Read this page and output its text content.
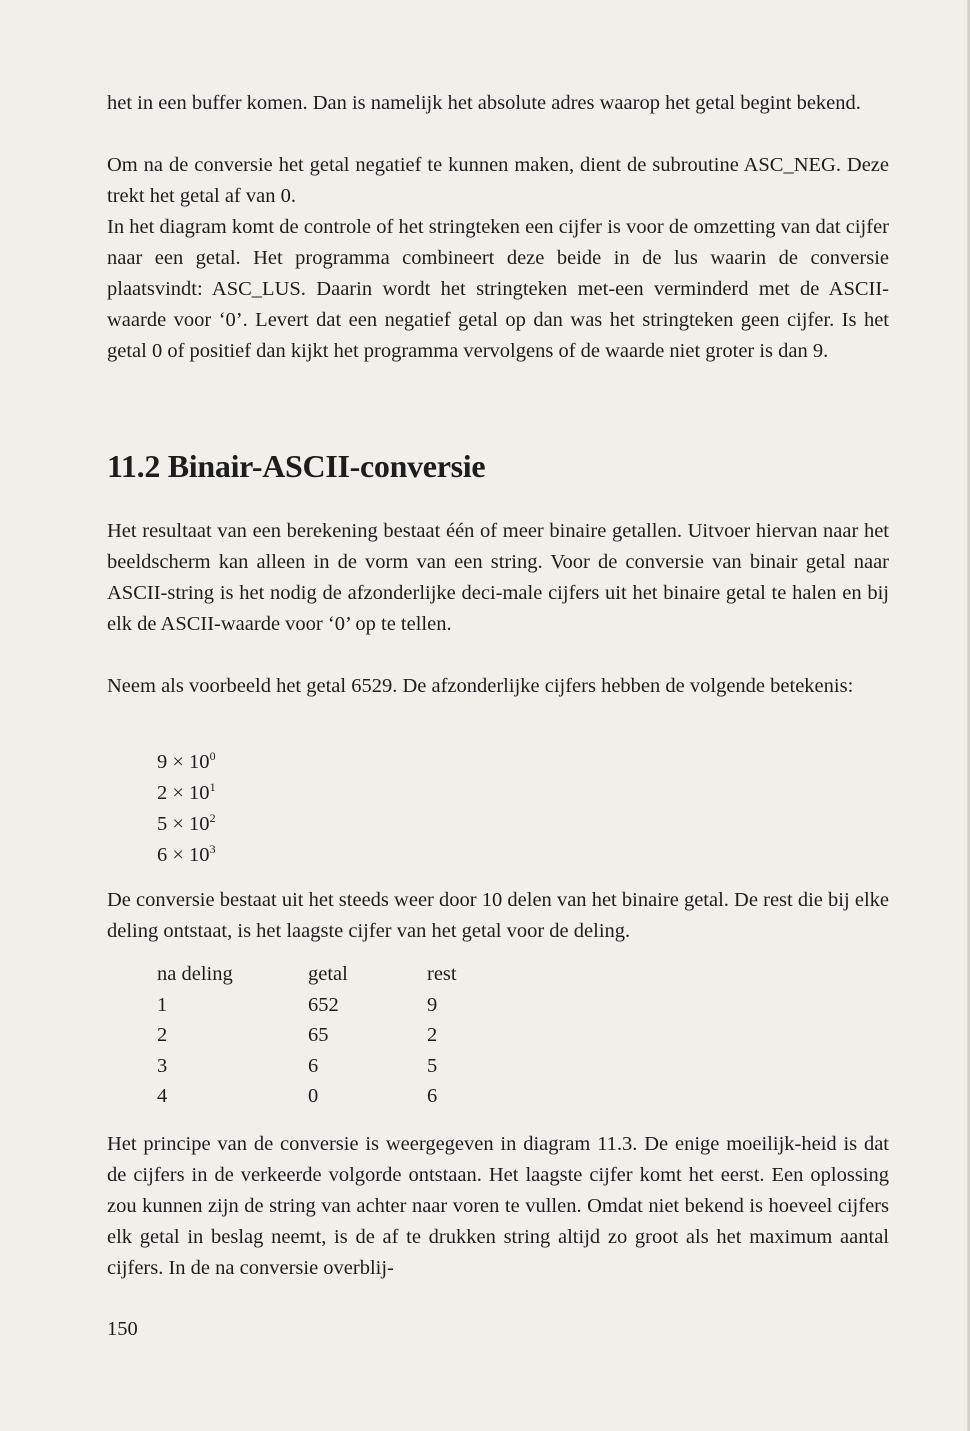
het in een buffer komen. Dan is namelijk het absolute adres waarop het getal begint bekend.

Om na de conversie het getal negatief te kunnen maken, dient de subroutine ASC_NEG. Deze trekt het getal af van 0.

In het diagram komt de controle of het stringteken een cijfer is voor de omzetting van dat cijfer naar een getal. Het programma combineert deze beide in de lus waarin de conversie plaatsvindt: ASC_LUS. Daarin wordt het stringteken met-een verminderd met de ASCII-waarde voor ‘0’. Levert dat een negatief getal op dan was het stringteken geen cijfer. Is het getal 0 of positief dan kijkt het programma vervolgens of de waarde niet groter is dan 9.

11.2 Binair-ASCII-conversie

Het resultaat van een berekening bestaat één of meer binaire getallen. Uitvoer hiervan naar het beeldscherm kan alleen in de vorm van een string. Voor de conversie van binair getal naar ASCII-string is het nodig de afzonderlijke deci-male cijfers uit het binaire getal te halen en bij elk de ASCII-waarde voor ‘0’ op te tellen.

Neem als voorbeeld het getal 6529. De afzonderlijke cijfers hebben de volgende betekenis:

$9 \times 10^0$

$2 \times 10^1$

$5 \times 10^2$

$6 \times 10^3$

De conversie bestaat uit het steeds weer door 10 delen van het binaire getal. De rest die bij elke deling ontstaat, is het laagste cijfer van het getal voor de deling.

na deling	getal	rest
1	652	9
2	65	2
3	6	5
4	0	6

Het principe van de conversie is weergegeven in diagram 11.3. De enige moeilijk-heid is dat de cijfers in de verkeerde volgorde ontstaan. Het laagste cijfer komt het eerst. Een oplossing zou kunnen zijn de string van achter naar voren te vullen. Omdat niet bekend is hoeveel cijfers elk getal in beslag neemt, is de af te drukken string altijd zo groot als het maximum aantal cijfers. In de na conversie overblij-

150
